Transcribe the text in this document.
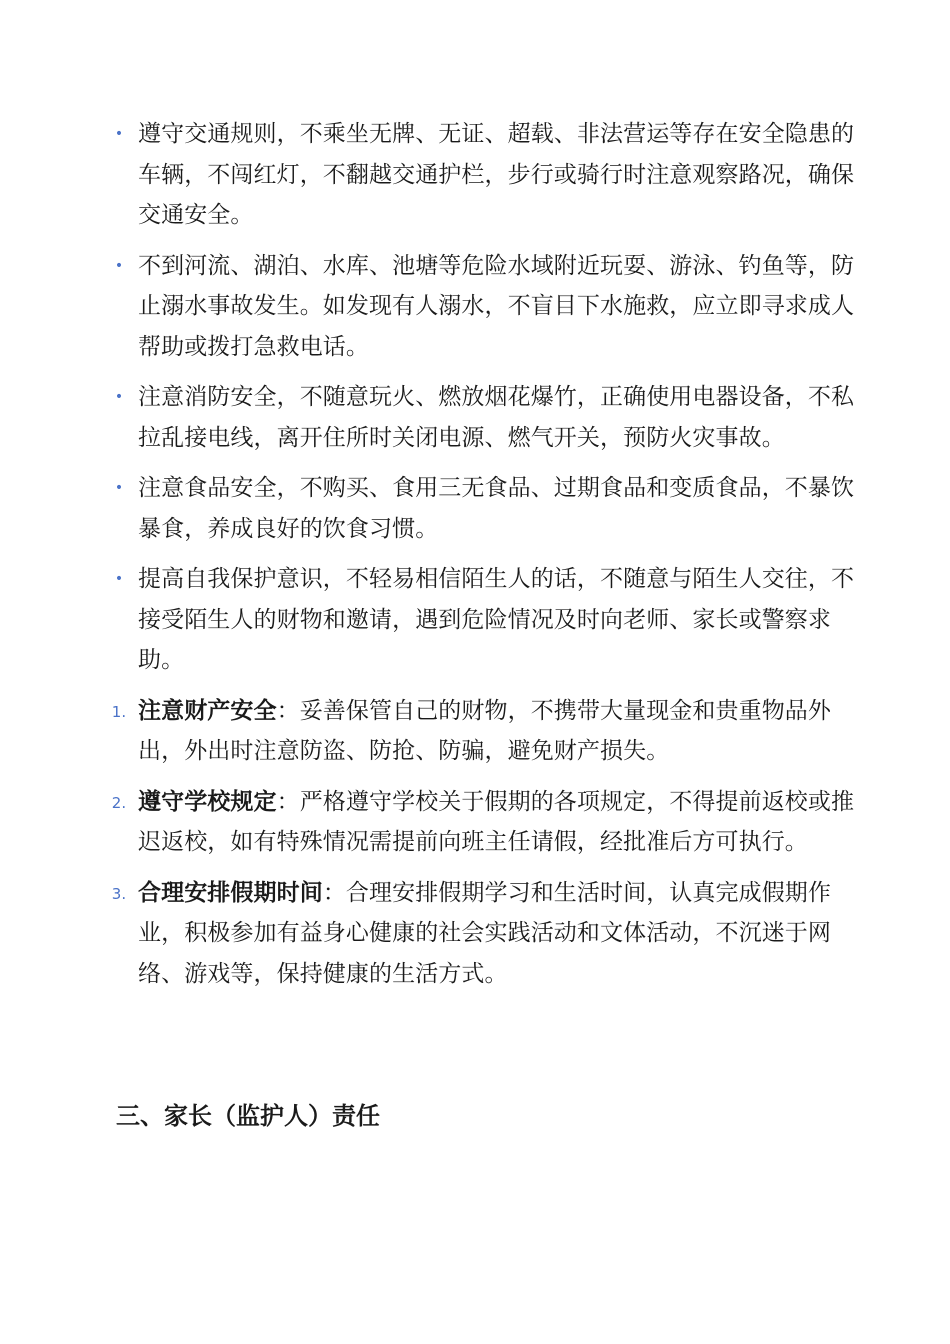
• 遵守交通规则，不乘坐无牌、无证、超载、非法营运等存在安全隐患的车辆，不闯红灯，不翻越交通护栏，步行或骑行时注意观察路况，确保交通安全。
• 不到河流、湖泊、水库、池塘等危险水域附近玩耍、游泳、钓鱼等，防止溺水事故发生。如发现有人溺水，不盲目下水施救，应立即寻求成人帮助或拨打急救电话。
• 注意消防安全，不随意玩火、燃放烟花爆竹，正确使用电器设备，不私拉乱接电线，离开住所时关闭电源、燃气开关，预防火灾事故。
• 注意食品安全，不购买、食用三无食品、过期食品和变质食品，不暴饮暴食，养成良好的饮食习惯。
• 提高自我保护意识，不轻易相信陌生人的话，不随意与陌生人交往，不接受陌生人的财物和邀请，遇到危险情况及时向老师、家长或警察求助。
1. 注意财产安全：妥善保管自己的财物，不携带大量现金和贵重物品外出，外出时注意防盗、防抢、防骗，避免财产损失。
2. 遵守学校规定：严格遵守学校关于假期的各项规定，不得提前返校或推迟返校，如有特殊情况需提前向班主任请假，经批准后方可执行。
3. 合理安排假期时间：合理安排假期学习和生活时间，认真完成假期作业，积极参加有益身心健康的社会实践活动和文体活动，不沉迷于网络、游戏等，保持健康的生活方式。
三、家长（监护人）责任
